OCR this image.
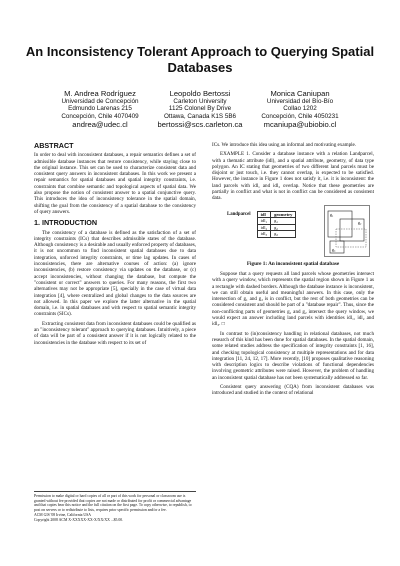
An Inconsistency Tolerant Approach to Querying Spatial
Databases
M. Andrea Rodríguez
Universidad de Concepción
Edmundo Larenas 215
Concepción, Chile 4070409
andrea@udec.cl
Leopoldo Bertossi
Carleton University
1125 Colonel By Drive
Ottawa, Canada K1S 5B6
bertossi@scs.carleton.ca
Monica Caniupan
Universidad del Bío-Bío
Collao 1202
Concepción, Chile 4050231
mcaniupa@ubiobio.cl
ABSTRACT
In order to deal with inconsistent databases, a repair semantics defines a set of admissible database instances that restore consistency, while staying close to the original instance. This set can be used to characterize consistent data and consistent query answers in inconsistent databases. In this work we present a repair semantics for spatial databases and spatial integrity constraints, i.e. constraints that combine semantic and topological aspects of spatial data. We also propose the notion of consistent answer to a spatial conjunctive query. This introduces the idea of inconsistency tolerance in the spatial domain, shifting the goal from the consistency of a spatial database to the consistency of query answers.
1. INTRODUCTION
The consistency of a database is defined as the satisfaction of a set of integrity constraints (ICs) that describes admissible states of the database. Although consistency is a desirable and usually enforced property of databases, it is not uncommon to find inconsistent spatial databases due to data integration, unforced integrity constraints, or time lag updates. In cases of inconsistencies, there are alternative courses of action: (a) ignore inconsistencies, (b) restore consistency via updates on the database, or (c) accept inconsistencies, without changing the database, but compute the "consistent or correct" answers to queries. For many reasons, the first two alternatives may not be appropriate [5], specially in the case of virtual data integration [4], where centralized and global changes to the data sources are not allowed. In this paper we explore the latter alternative in the spatial domain, i.e. in spatial databases and with respect to spatial semantic integrity constraints (SICs).
Extracting consistent data from inconsistent databases could be qualified as an "inconsistency tolerant" approach to querying databases. Intuitively, a piece of data will be part of a consistent answer if it is not logically related to the inconsistencies in the database with respect to its set of
Permission to make digital or hard copies of all or part of this work for personal or classroom use is granted without fee provided that copies are not made or distributed for profit or commercial advantage and that copies bear this notice and the full citation on the first page. To copy otherwise, to republish, to post on servers or to redistribute to lists, requires prior specific permission and/or a fee.
ACM GIS '08 Irvine, California USA
Copyright 2008 ACM X-XXXXX-XX-X/XX/XX ...$5.00.
ICs. We introduce this idea using an informal and motivating example.
EXAMPLE 1. Consider a database instance with a relation Landparcel, with a thematic attribute (idl), and a spatial attribute, geometry, of data type polygon. An IC stating that geometries of two different land parcels must be disjoint or just touch, i.e. they cannot overlap, is expected to be satisfied. However, the instance in Figure 1 does not satisfy it, i.e. it is inconsistent: the land parcels with idl₁ and idl₂ overlap. Notice that these geometries are partially in conflict and what is not in conflict can be considered as consistent data.
Landparcel	idl	geometry
	idl₁	g₁
	idl₂	g₂
	idl₃	g₃
g₁
g₂
g₃
Figure 1: An inconsistent spatial database
Suppose that a query requests all land parcels whose geometries intersect with a query window, which represents the spatial region shown in Figure 1 as a rectangle with dashed borders. Although the database instance is inconsistent, we can still obtain useful and meaningful answers. In this case, only the intersection of g₁ and g₂ is in conflict, but the rest of both geometries can be considered consistent and should be part of a "database repair". Thus, since the non-conflicting parts of geometries g₁ and g₂ intersect the query window, we would expect an answer including land parcels with identities idl₁, idl₂ and idl₃. □
In contrast to (in)consistency handling in relational databases, not much research of this kind has been done for spatial databases. In the spatial domain, some related studies address the specification of integrity constraints [1, 16], and checking topological consistency at multiple representations and for data integration [11, 24, 12, 17]. More recently, [10] proposes qualitative reasoning with description logics to describe violations of functional dependencies involving geometric attributes were raised. However, the problem of handling an inconsistent spatial database has not been systematically addressed so far.
Consistent query answering (CQA) from inconsistent databases was introduced and studied in the context of relational
